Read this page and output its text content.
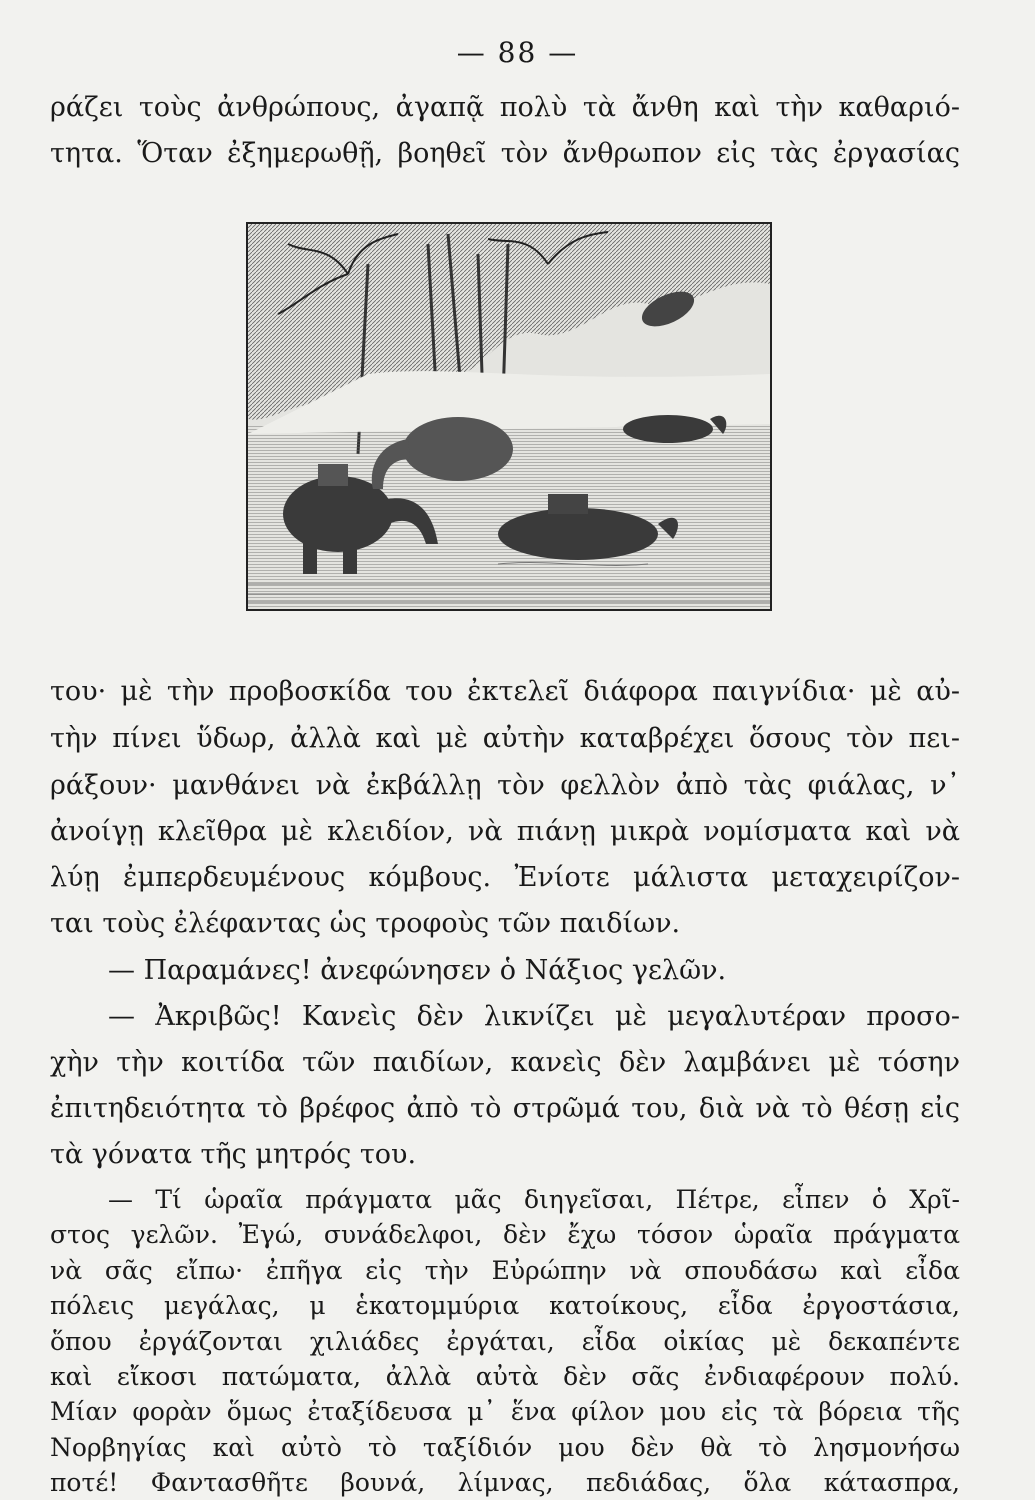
— 88 —
ράζει τοὺς ἀνθρώπους, ἀγαπᾷ πολὺ τὰ ἄνθη καὶ τὴν καθαριό-
τητα. Ὅταν ἐξημερωθῇ, βοηθεῖ τὸν ἄνθρωπον εἰς τὰς ἐργασίας
του· μὲ τὴν προβοσκίδα του ἐκτελεῖ διάφορα παιγνίδια· μὲ αὐ-
τὴν πίνει ὕδωρ, ἀλλὰ καὶ μὲ αὐτὴν καταβρέχει ὅσους τὸν πει-
ράξουν· μανθάνει νὰ ἐκβάλλῃ τὸν φελλὸν ἀπὸ τὰς φιάλας, ν᾽
ἀνοίγῃ κλεῖθρα μὲ κλειδίον, νὰ πιάνῃ μικρὰ νομίσματα καὶ νὰ
λύῃ ἐμπερδευμένους κόμβους. Ἐνίοτε μάλιστα μεταχειρίζον-
ται τοὺς ἐλέφαντας ὡς τροφοὺς τῶν παιδίων.
— Παραμάνες! ἀνεφώνησεν ὁ Νάξιος γελῶν.
— Ἀκριβῶς! Κανεὶς δὲν λικνίζει μὲ μεγαλυτέραν προσο-
χὴν τὴν κοιτίδα τῶν παιδίων, κανεὶς δὲν λαμβάνει μὲ τόσην
ἐπιτηδειότητα τὸ βρέφος ἀπὸ τὸ στρῶμά του, διὰ νὰ τὸ θέσῃ εἰς
τὰ γόνατα τῆς μητρός του.
— Τί ὡραῖα πράγματα μᾶς διηγεῖσαι, Πέτρε, εἶπεν ὁ Χρῖ-
στος γελῶν. Ἐγώ, συνάδελφοι, δὲν ἔχω τόσον ὡραῖα πράγματα
νὰ σᾶς εἴπω· ἐπῆγα εἰς τὴν Εὐρώπην νὰ σπουδάσω καὶ εἶδα
πόλεις μεγάλας, μ ἑκατομμύρια κατοίκους, εἶδα ἐργοστάσια,
ὅπου ἐργάζονται χιλιάδες ἐργάται, εἶδα οἰκίας μὲ δεκαπέντε
καὶ εἴκοσι πατώματα, ἀλλὰ αὐτὰ δὲν σᾶς ἐνδιαφέρουν πολύ.
Μίαν φορὰν ὅμως ἐταξίδευσα μ᾽ ἕνα φίλον μου εἰς τὰ βόρεια τῆς
Νορβηγίας καὶ αὐτὸ τὸ ταξίδιόν μου δὲν θὰ τὸ λησμονήσω
ποτέ! Φαντασθῆτε βουνά, λίμνας, πεδιάδας, ὅλα κάτασπρα,
